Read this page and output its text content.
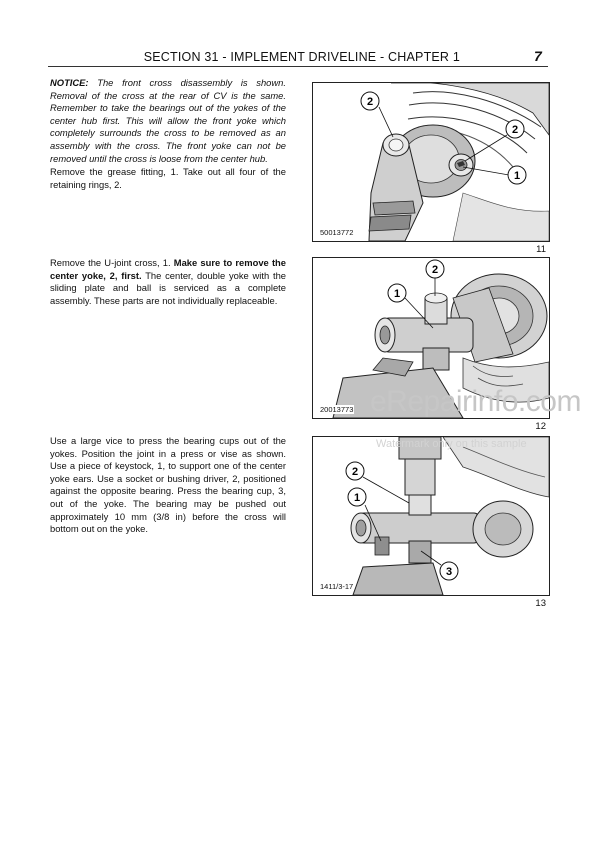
SECTION 31 - IMPLEMENT DRIVELINE - CHAPTER 1	7

NOTICE: The front cross disassembly is shown. Removal of the cross at the rear of CV is the same. Remember to take the bearings out of the yokes of the center hub first. This will allow the front yoke which completely surrounds the cross to be removed as an assembly with the cross. The front yoke can not be removed until the cross is loose from the center hub.

Remove the grease fitting, 1. Take out all four of the retaining rings, 2.

2
2
1
50013772
11

Remove the U-joint cross, 1. Make sure to remove the center yoke, 2, first. The center, double yoke with the sliding plate and ball is serviced as a complete assembly. These parts are not individually replaceable.

2
1
20013773
12

Use a large vice to press the bearing cups out of the yokes. Position the joint in a press or vise as shown. Use a piece of keystock, 1, to support one of the center yoke ears. Use a socket or bushing driver, 2, positioned against the opposite bearing. Press the bearing cup, 3, out of the yoke. The bearing may be pushed out approximately 10 mm (3/8 in) before the cross will bottom out on the yoke.

2
1
3
1411/3-17
13
eRepairinfo.com
Watermark only on this sample
